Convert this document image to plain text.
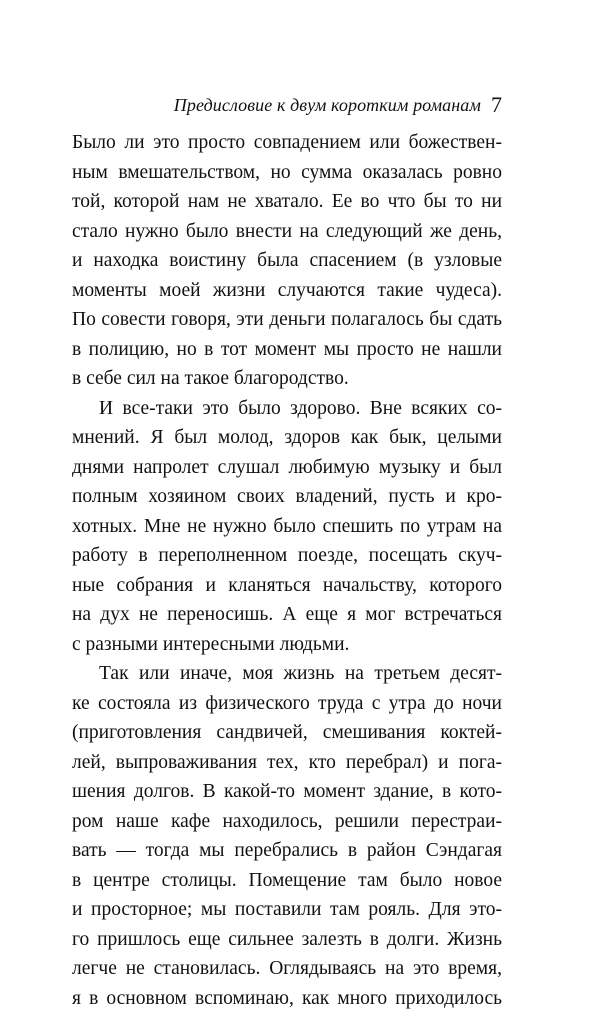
Предисловие к двум коротким романам 7

Было ли это просто совпадением или божествен-
ным вмешательством, но сумма оказалась ровно
той, которой нам не хватало. Ее во что бы то ни
стало нужно было внести на следующий же день,
и находка воистину была спасением (в узловые
моменты моей жизни случаются такие чудеса).
По совести говоря, эти деньги полагалось бы сдать
в полицию, но в тот момент мы просто не нашли
в себе сил на такое благородство.

И все-таки это было здорово. Вне всяких со-
мнений. Я был молод, здоров как бык, целыми
днями напролет слушал любимую музыку и был
полным хозяином своих владений, пусть и кро-
хотных. Мне не нужно было спешить по утрам на
работу в переполненном поезде, посещать скуч-
ные собрания и кланяться начальству, которого
на дух не переносишь. А еще я мог встречаться
с разными интересными людьми.

Так или иначе, моя жизнь на третьем десят-
ке состояла из физического труда с утра до ночи
(приготовления сандвичей, смешивания коктей-
лей, выпроваживания тех, кто перебрал) и пога-
шения долгов. В какой-то момент здание, в кото-
ром наше кафе находилось, решили перестраи-
вать — тогда мы перебрались в район Сэндагая
в центре столицы. Помещение там было новое
и просторное; мы поставили там рояль. Для это-
го пришлось еще сильнее залезть в долги. Жизнь
легче не становилась. Оглядываясь на это время,
я в основном вспоминаю, как много приходилось
